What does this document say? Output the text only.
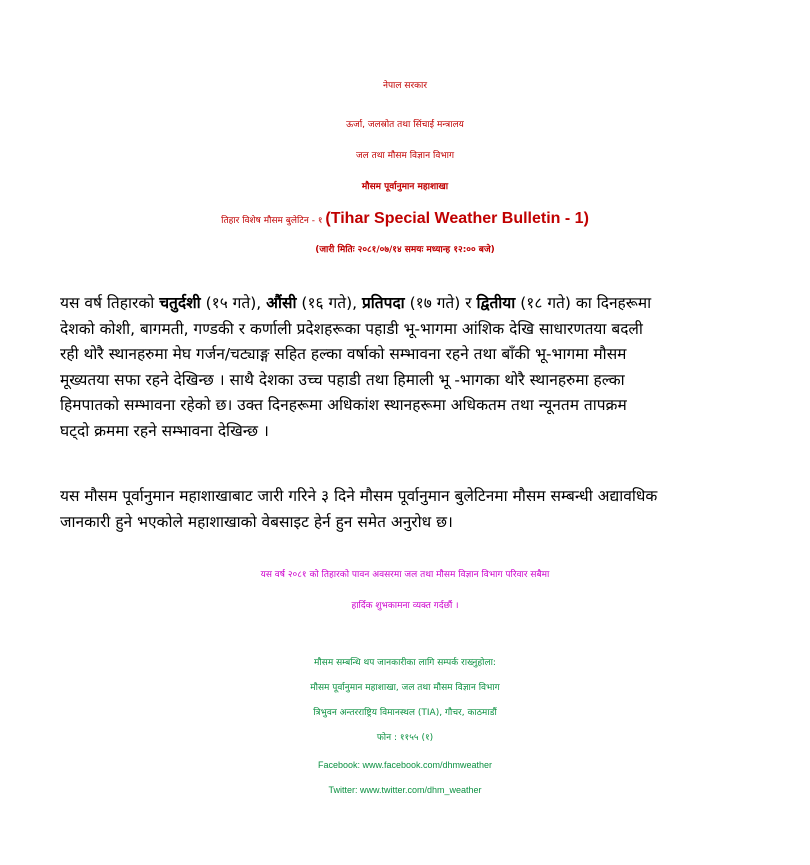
नेपाल सरकार
ऊर्जा, जलस्रोत तथा सिंचाई मन्त्रालय
जल तथा मौसम विज्ञान विभाग
मौसम पूर्वानुमान महाशाखा
तिहार विशेष मौसम बुलेटिन - १ (Tihar Special Weather Bulletin - 1)
(जारी मितिः २०८१/०७/१४ समयः मध्यान्ह १२:०० बजे)
यस वर्ष तिहारको चतुर्दशी (१५ गते), औंसी (१६ गते), प्रतिपदा (१७ गते) र द्वितीया (१८ गते) का दिनहरूमा
देशको कोशी, बागमती, गण्डकी र कर्णाली प्रदेशहरूका पहाडी भू-भागमा आंशिक देखि साधारणतया बदली
रही थोरै स्थानहरुमा मेघ गर्जन/चट्याङ्ग सहित हल्का वर्षाको सम्भावना रहने तथा बाँकी भू-भागमा मौसम
मूख्यतया सफा रहने देखिन्छ । साथै देशका उच्च पहाडी तथा हिमाली भू -भागका थोरै स्थानहरुमा हल्का
हिमपातको सम्भावना रहेको छ। उक्त दिनहरूमा अधिकांश स्थानहरूमा अधिकतम तथा न्यूनतम तापक्रम
घट्दो क्रममा रहने सम्भावना देखिन्छ ।
यस मौसम पूर्वानुमान महाशाखाबाट जारी गरिने ३ दिने मौसम पूर्वानुमान बुलेटिनमा मौसम सम्बन्धी अद्यावधिक
जानकारी हुने भएकोले महाशाखाको वेबसाइट हेर्न हुन समेत अनुरोध छ।
यस वर्ष २०८१ को तिहारको पावन अवसरमा जल तथा मौसम विज्ञान विभाग परिवार सबैमा
हार्दिक शुभकामना व्यक्त गर्दछौं ।
मौसम सम्बन्धि थप जानकारीका लागि सम्पर्क राख्नुहोला:
मौसम पूर्वानुमान महाशाखा, जल तथा मौसम विज्ञान विभाग
त्रिभुवन अन्तरराष्ट्रिय विमानस्थल (TIA), गौचर, काठमाडौं
फोन : ११५५ (१)
Facebook: www.facebook.com/dhmweather
Twitter: www.twitter.com/dhm_weather
